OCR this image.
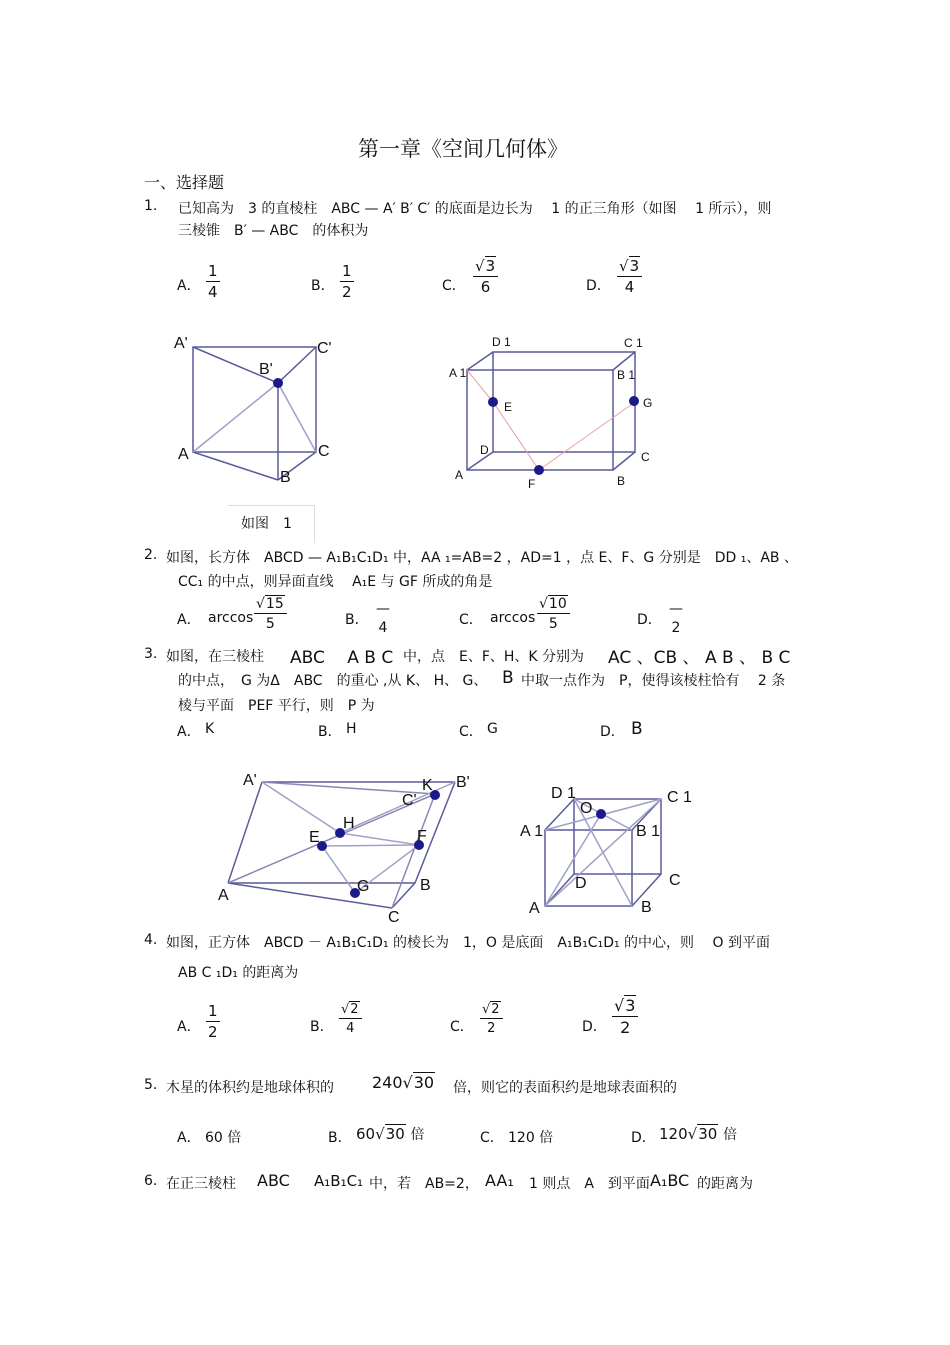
第一章《空间几何体》
一、选择题
1. 已知高为　3 的直棱柱　ABC — A′ B′ C′ 的底面是边长为　 1 的正三角形（如图　 1 所示），则
三棱锥　B′ — ABC　的体积为
A． $\frac{1}{4}$	B． $\frac{1}{2}$	C． $\frac{√3}{6}$	D． $\frac{√3}{4}$
A'
B'
C'
A	C
B
如图　1
D 1	C 1
A 1	B 1
E	G
D	C
A
F	B
2. 如图，长方体　ABCD — A₁B₁C₁D₁ 中，AA ₁=AB=2 ，AD=1 ，点 E、F、G 分别是　DD ₁、AB 、
CC₁ 的中点，则异面直线　 A₁E 与 GF 所成的角是
A． $\arccos \frac{√15}{5}$	B．
—
4	C． $\arccos \frac{√10}{5}$	D．
—
2
3. 如图，在三棱柱 ABC　 A B C 中，点　E、F、H、K 分别为 AC 、CB 、 A B 、 B C
的中点，　G 为Δ　ABC　的重心 ,从 K、 H、 G、 B 中取一点作为　P，使得该棱柱恰有　 2 条
棱与平面　PEF 平行，则　P 为
A． K	B． H	C． G	D． B
A'	K B'
C'
H
E	F
G	B
A
C
D 1
O
C 1
A 1	B 1
D	C
A	B
4. 如图，正方体　ABCD － A₁B₁C₁D₁ 的棱长为　1，O 是底面　A₁B₁C₁D₁ 的中心，则　 O 到平面
AB C ₁D₁ 的距离为
A． $\frac{1}{2}$	B． $\frac{√2}{4}$	C． $\frac{√2}{2}$	D． $\frac{√3}{2}$
5. 木星的体积约是地球体积的 240√30 倍，则它的表面积约是地球表面积的
A． 60 倍	B． 60√30 倍	C． 120 倍	D． 120√30 倍
6. 在正三棱柱 ABC A₁B₁C₁ 中，若　AB=2， AA₁ 1 则点　A　到平面 A₁BC 的距离为
